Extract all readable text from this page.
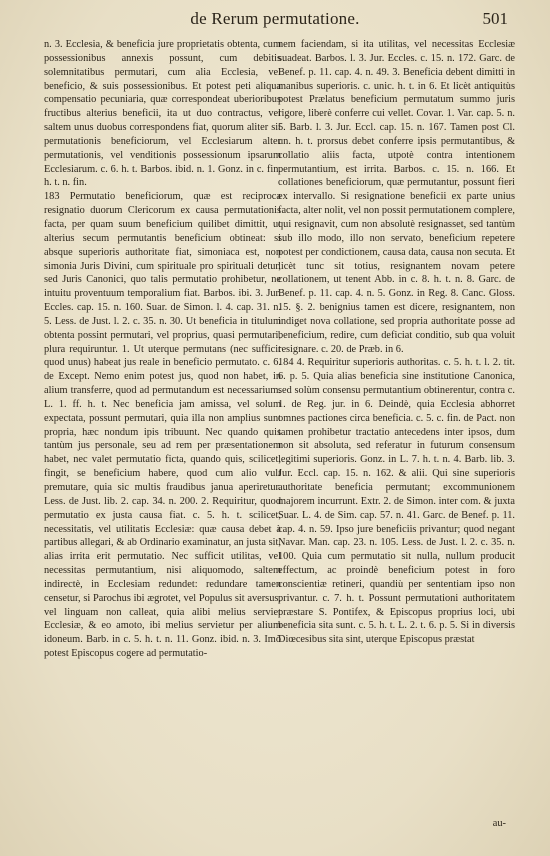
de Rerum permutatione.	501

n. 3. Ecclesia, & beneficia jure proprietatis obtenta, cum possessionibus annexis possunt, cum debitis solemnitatibus permutari, cum alia Ecclesia, vel beneficio, & suis possessionibus. Et potest peti aliqua compensatio pecuniaria, quæ correspondeat uberioribus fructibus alterius beneficii, ita ut duo contractus, vel saltem unus duobus correspondens fiat, quorum aliter sit permutationis beneficiorum, vel Ecclesiarum alter permutationis, vel venditionis possessionum ipsarum Ecclesiarum. c. 6. h. t. Barbos. ibid. n. 1. Gonz. in c. fin. h. t. n. fin.

183 Permutatio beneficiorum, quæ est reciproca resignatio duorum Clericorum ex causa permutationis facta, per quam suum beneficium quilibet dimittit, ut alterius secum permutantis beneficium obtineat: si absque superioris authoritate fiat, simoniaca est, non simonia Juris Divini, cum spirituale pro spirituali detur, sed Juris Canonici, quo talis permutatio prohibetur, ne intuitu proventuum temporalium fiat. Barbos. ibi. 3. Jur. Eccles. cap. 15. n. 160. Suar. de Simon. l. 4. cap. 31. n. 5. Less. de Just. l. 2. c. 35. n. 30. Ut beneficia in titulum obtenta possint permutari, vel proprius, quasi permutari, plura requiruntur. 1. Ut uterque permutans (nec sufficit quod unus) habeat jus reale in beneficio permutato. c. 6. de Except. Nemo enim potest jus, quod non habet, in alium transferre, quod ad permutandum est necessarium. L. 1. ff. h. t. Nec beneficia jam amissa, vel solum expectata, possunt permutari, quia illa non amplius sunt propria, hæc nondum ipis tribuunt. Nec quando quis tantùm jus personale, seu ad rem per præsentationem habet, nec valet permutatio ficta, quando quis, scilicet, fingit, se beneficium habere, quod cum alio vult premutare, quia sic multis fraudibus janua aperiretur. Less. de Just. lib. 2. cap. 34. n. 200. 2. Requiritur, quod permutatio ex justa causa fiat. c. 5. h. t. scilicet, necessitatis, vel utilitatis Ecclesiæ: quæ causa debet à partibus allegari, & ab Ordinario examinatur, an justa sit, alias irrita erit permutatio. Nec sufficit utilitas, vel necessitas permutantium, nisi aliquomodo, saltem indirectè, in Ecclesiam redundet: redundare tamen censetur, si Parochus ibi ægrotet, vel Populus sit aversus, vel linguam non calleat, quia alibi melius serviet Ecclesiæ, & eo amoto, ibi melius servietur per alium idoneum. Barb. in c. 5. h. t. n. 11. Gonz. ibid. n. 3. Imò potest Episcopus cogere ad permutatio-

nem faciendam, si ita utilitas, vel necessitas Ecclesiæ suadeat. Barbos. l. 3. Jur. Eccles. c. 15. n. 172. Garc. de Benef. p. 11. cap. 4. n. 49. 3. Beneficia debent dimitti in manibus superioris. c. unic. h. t. in 6. Et licèt antiquitùs potest Prælatus beneficium permutatum summo juris rigore, liberè conferre cui vellet. Covar. 1. Var. cap. 5. n. 5. Barb. l. 3. Jur. Eccl. cap. 15. n. 167. Tamen post Cl. un. h. t. prorsus debet conferre ipsis permutantibus, & collatio aliis facta, utpotè contra intentionem permutantium, est irrita. Barbos. c. 15. n. 166. Et collationes beneficiorum, quæ permutantur, possunt fieri ex intervallo. Si resignatione beneficii ex parte unius facta, alter nolit, vel non possit permutationem complere, qui resignavit, cum non absolutè resignasset, sed tantùm sub illo modo, illo non servato, beneficium repetere potest per condictionem, causa data, causa non secuta. Et licèt tunc sit totius, resignantem novam petere collationem, ut tenent Abb. in c. 8. h. t. n. 8. Garc. de Benef. p. 11. cap. 4. n. 5. Gonz. in Reg. 8. Canc. Gloss. 15. §. 2. benignius tamen est dicere, resignantem, non indiget nova collatione, sed propria authoritate posse ad beneficium, redire, cum deficiat conditio, sub qua voluit resignare. c. 20. de Præb. in 6.

184 4. Requiritur superioris authoritas. c. 5. h. t. l. 2. tit. 6. p. 5. Quia alias beneficia sine institutione Canonica, sed solùm consensu permutantium obtinerentur, contra c. 1. de Reg. jur. in 6. Deindè, quia Ecclesia abhorret omnes pactiones circa beneficia. c. 5. c. fin. de Pact. non tamen prohibetur tractatio antecedens inter ipsos, dum non sit absoluta, sed referatur in futurum consensum legitimi superioris. Gonz. in L. 7. h. t. n. 4. Barb. lib. 3. Jur. Eccl. cap. 15. n. 162. & alii. Qui sine superioris authoritate beneficia permutant; excommunionem majorem incurrunt. Extr. 2. de Simon. inter com. & juxta Suar. L. 4. de Sim. cap. 57. n. 41. Garc. de Benef. p. 11. cap. 4. n. 59. Ipso jure beneficiis privantur; quod negant Navar. Man. cap. 23. n. 105. Less. de Just. l. 2. c. 35. n. 100. Quia cum permutatio sit nulla, nullum producit effectum, ac proindè beneficium potest in foro conscientiæ retineri, quandiù per sententiam ipso non privantur. c. 7. h. t. Possunt permutationi authoritatem præstare S. Pontifex, & Episcopus proprius loci, ubi beneficia sita sunt. c. 5. h. t. L. 2. t. 6. p. 5. Si in diversis Diœcesibus sita sint, uterque Episcopus præstat

au-
